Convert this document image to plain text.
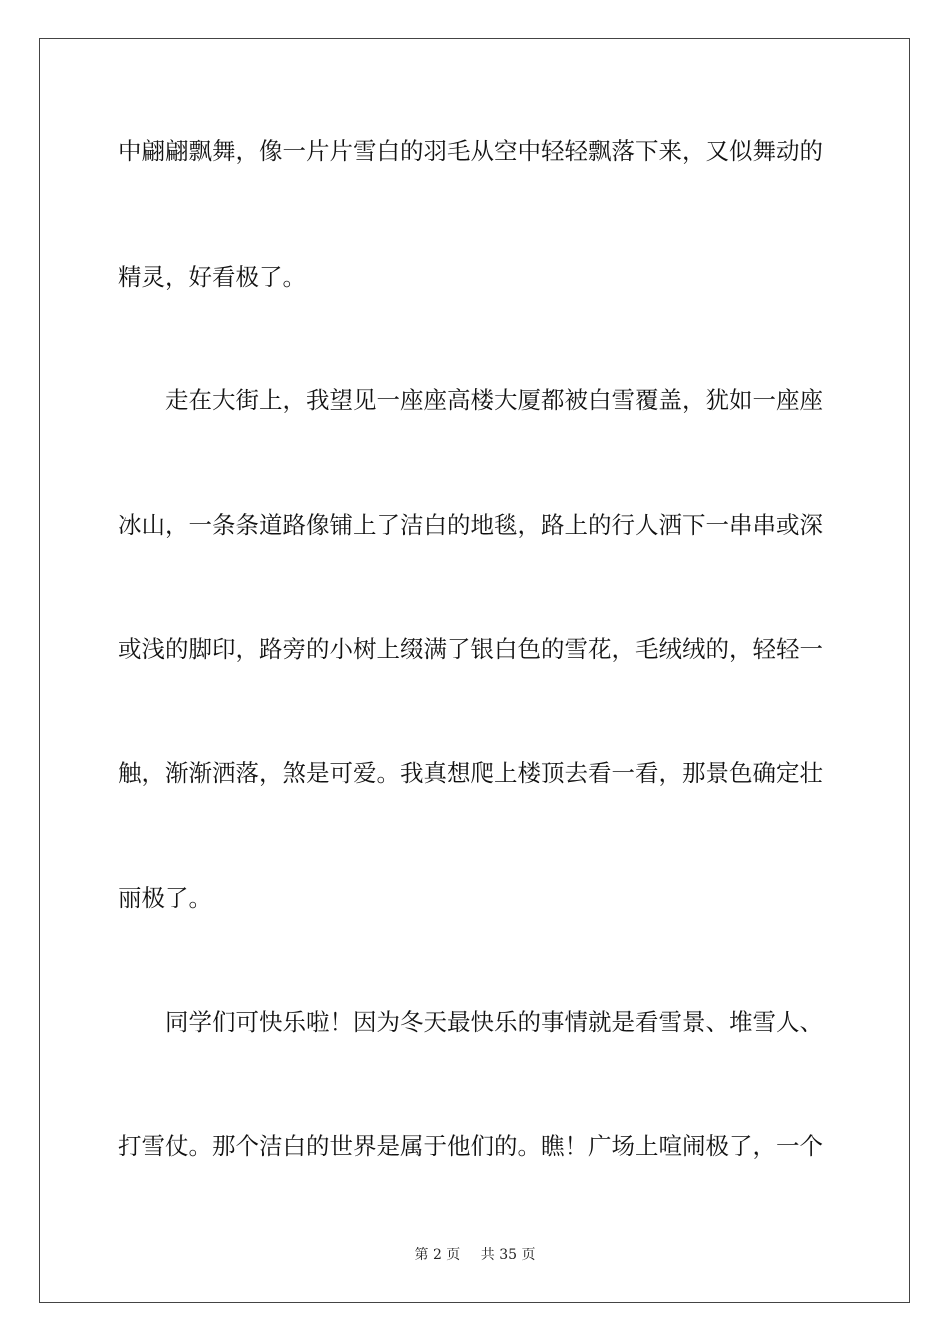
中翩翩飘舞，像一片片雪白的羽毛从空中轻轻飘落下来，又似舞动的
精灵，好看极了。
　　走在大街上，我望见一座座高楼大厦都被白雪覆盖，犹如一座座
冰山，一条条道路像铺上了洁白的地毯，路上的行人洒下一串串或深
或浅的脚印，路旁的小树上缀满了银白色的雪花，毛绒绒的，轻轻一
触，渐渐洒落，煞是可爱。我真想爬上楼顶去看一看，那景色确定壮
丽极了。
　　同学们可快乐啦！因为冬天最快乐的事情就是看雪景、堆雪人、
打雪仗。那个洁白的世界是属于他们的。瞧！广场上喧闹极了，一个
第 2 页 共 35 页
